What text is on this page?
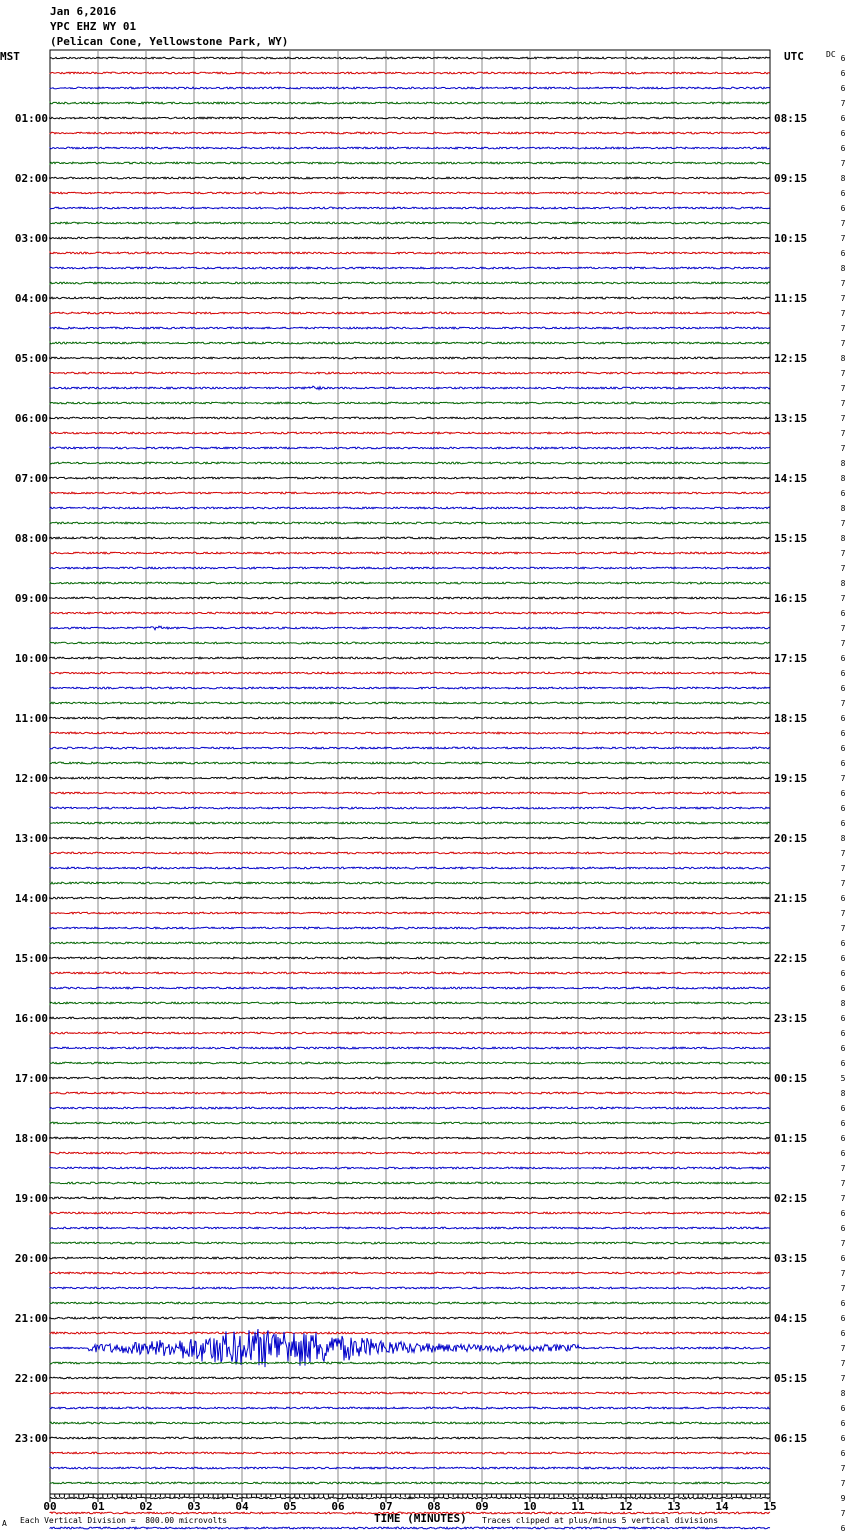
Jan 6,2016
YPC EHZ WY 01
(Pelican Cone, Yellowstone Park, WY)
MST	UTC	DC 6
6
6
7
6
6
6
7
8
6
6
7
7
6
8
7
7
7
7
7
8
7
7
7
7
7
7
8
8
6
8
7
8
7
7
8
7
6
7
7
6
6
6
7
6
6
6
6
7
6
6
6
8
7
7
7
6
7
7
6
6
6
6
8
6
6
6
6
5
8
6
6
6
6
7
7
7
6
6
7
6
7
7
6
6
6
7
7
7
8
6
6
6
6
7
7
9
7
6
01:00
02:00
03:00
04:00
05:00
06:00
07:00
08:00
09:00
10:00
11:00
12:00
13:00
14:00
15:00
16:00
17:00
18:00
19:00
20:00
21:00
22:00
23:00
08:15
09:15
10:15
11:15
12:15
13:15
14:15
15:15
16:15
17:15
18:15
19:15
20:15
21:15
22:15
23:15
00:15
01:15
02:15
03:15
04:15
05:15
06:15
00	01	02	03	04	05	06	07	08	09	10	11	12	13	14	15
TIME (MINUTES)
Each Vertical Division =  800.00 microvolts	Traces clipped at plus/minus 5 vertical divisions
A
